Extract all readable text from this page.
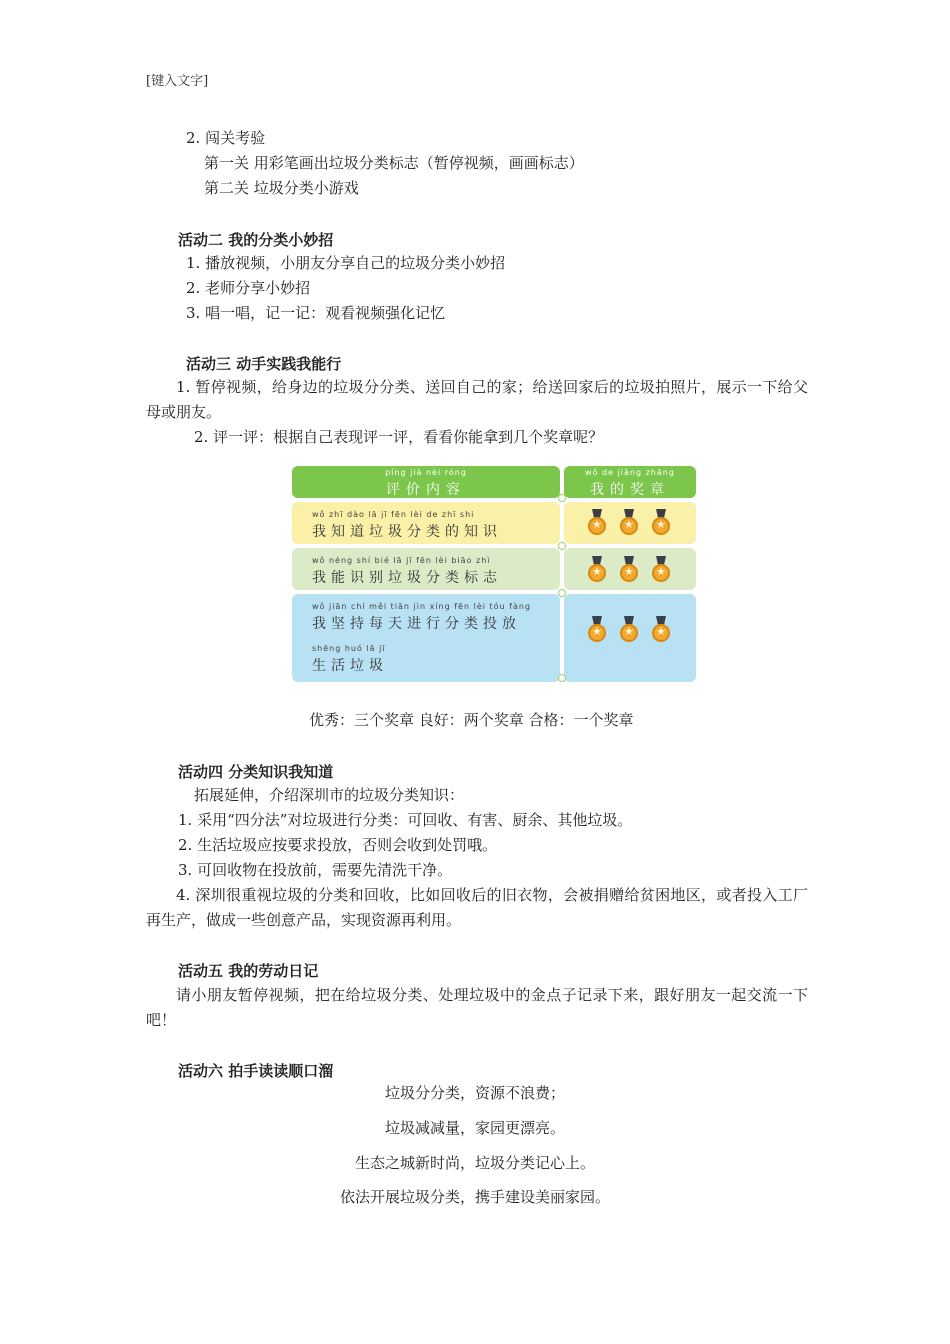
[键入文字]
2. 闯关考验
第一关 用彩笔画出垃圾分类标志（暂停视频，画画标志）
第二关 垃圾分类小游戏
活动二 我的分类小妙招
1. 播放视频，小朋友分享自己的垃圾分类小妙招
2. 老师分享小妙招
3. 唱一唱，记一记：观看视频强化记忆
活动三 动手实践我能行
1. 暂停视频，给身边的垃圾分分类、送回自己的家；给送回家后的垃圾拍照片，展示一下给父母或朋友。
2. 评一评：根据自己表现评一评，看看你能拿到几个奖章呢？
píng jià nèi róng
评价内容
wǒ de jiǎng zhāng
我的奖章
wǒ zhī dào lā jī fēn lèi de zhī shi
我知道垃圾分类的知识
★
★
★
wǒ néng shí bié lā jī fēn lèi biāo zhì
我能识别垃圾分类标志
★
★
★
wǒ jiān chí měi tiān jìn xíng fēn lèi tóu fàng
我坚持每天进行分类投放
shēng huó lā jī
生活垃圾
★
★
★
优秀：三个奖章 良好：两个奖章 合格：一个奖章
活动四 分类知识我知道
拓展延伸，介绍深圳市的垃圾分类知识：
1. 采用“四分法”对垃圾进行分类：可回收、有害、厨余、其他垃圾。
2. 生活垃圾应按要求投放，否则会收到处罚哦。
3. 可回收物在投放前，需要先清洗干净。
4. 深圳很重视垃圾的分类和回收，比如回收后的旧衣物，会被捐赠给贫困地区，或者投入工厂再生产，做成一些创意产品，实现资源再利用。
活动五 我的劳动日记
请小朋友暂停视频，把在给垃圾分类、处理垃圾中的金点子记录下来，跟好朋友一起交流一下吧！
活动六 拍手读读顺口溜
垃圾分分类，资源不浪费；
垃圾减减量，家园更漂亮。
生态之城新时尚，垃圾分类记心上。
依法开展垃圾分类，携手建设美丽家园。
